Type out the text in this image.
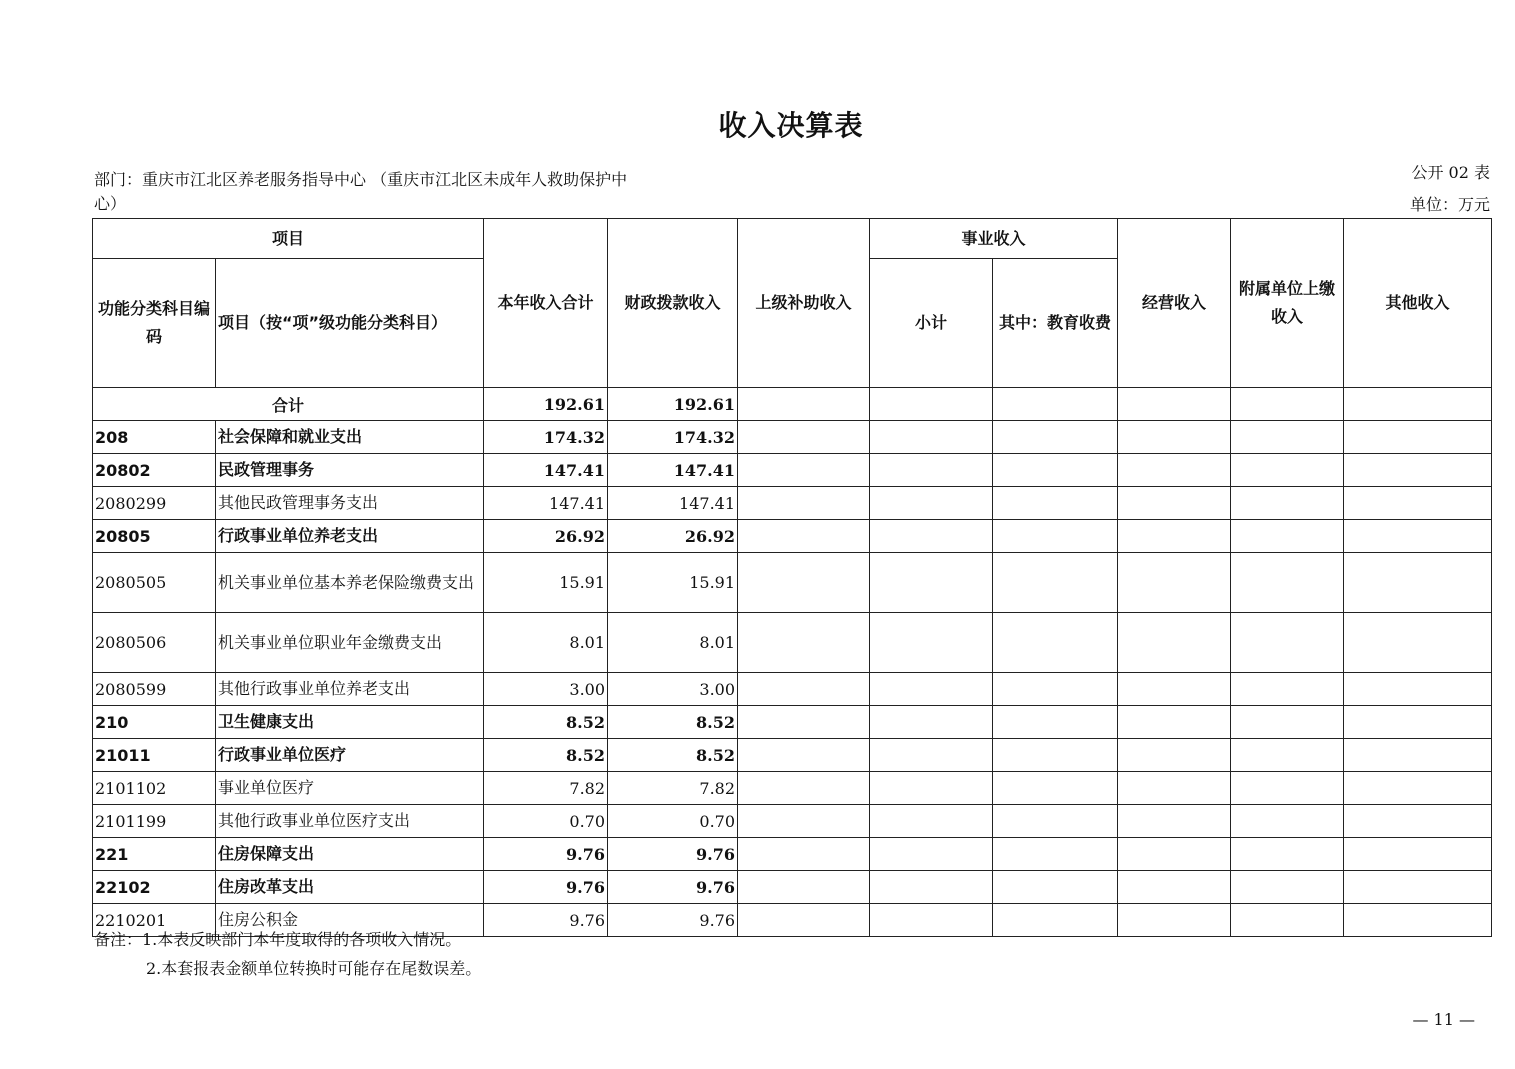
收入决算表
部门：重庆市江北区养老服务指导中心 （重庆市江北区未成年人救助保护中心）
公开 02 表
单位：万元
项目		本年收入合计	财政拨款收入	上级补助收入	事业收入		经营收入	附属单位上缴收入	其他收入
功能分类科目编码	项目（按“项”级功能分类科目）				小计	其中：教育收费			
合计		192.61	192.61						
208	社会保障和就业支出	174.32	174.32						
20802	民政管理事务	147.41	147.41						
2080299	其他民政管理事务支出	147.41	147.41						
20805	行政事业单位养老支出	26.92	26.92						
2080505	机关事业单位基本养老保险缴费支出	15.91	15.91						
2080506	机关事业单位职业年金缴费支出	8.01	8.01						
2080599	其他行政事业单位养老支出	3.00	3.00						
210	卫生健康支出	8.52	8.52						
21011	行政事业单位医疗	8.52	8.52						
2101102	事业单位医疗	7.82	7.82						
2101199	其他行政事业单位医疗支出	0.70	0.70						
221	住房保障支出	9.76	9.76						
22102	住房改革支出	9.76	9.76						
2210201	住房公积金	9.76	9.76						
备注：1.本表反映部门本年度取得的各项收入情况。
2.本套报表金额单位转换时可能存在尾数误差。
— 11 —
